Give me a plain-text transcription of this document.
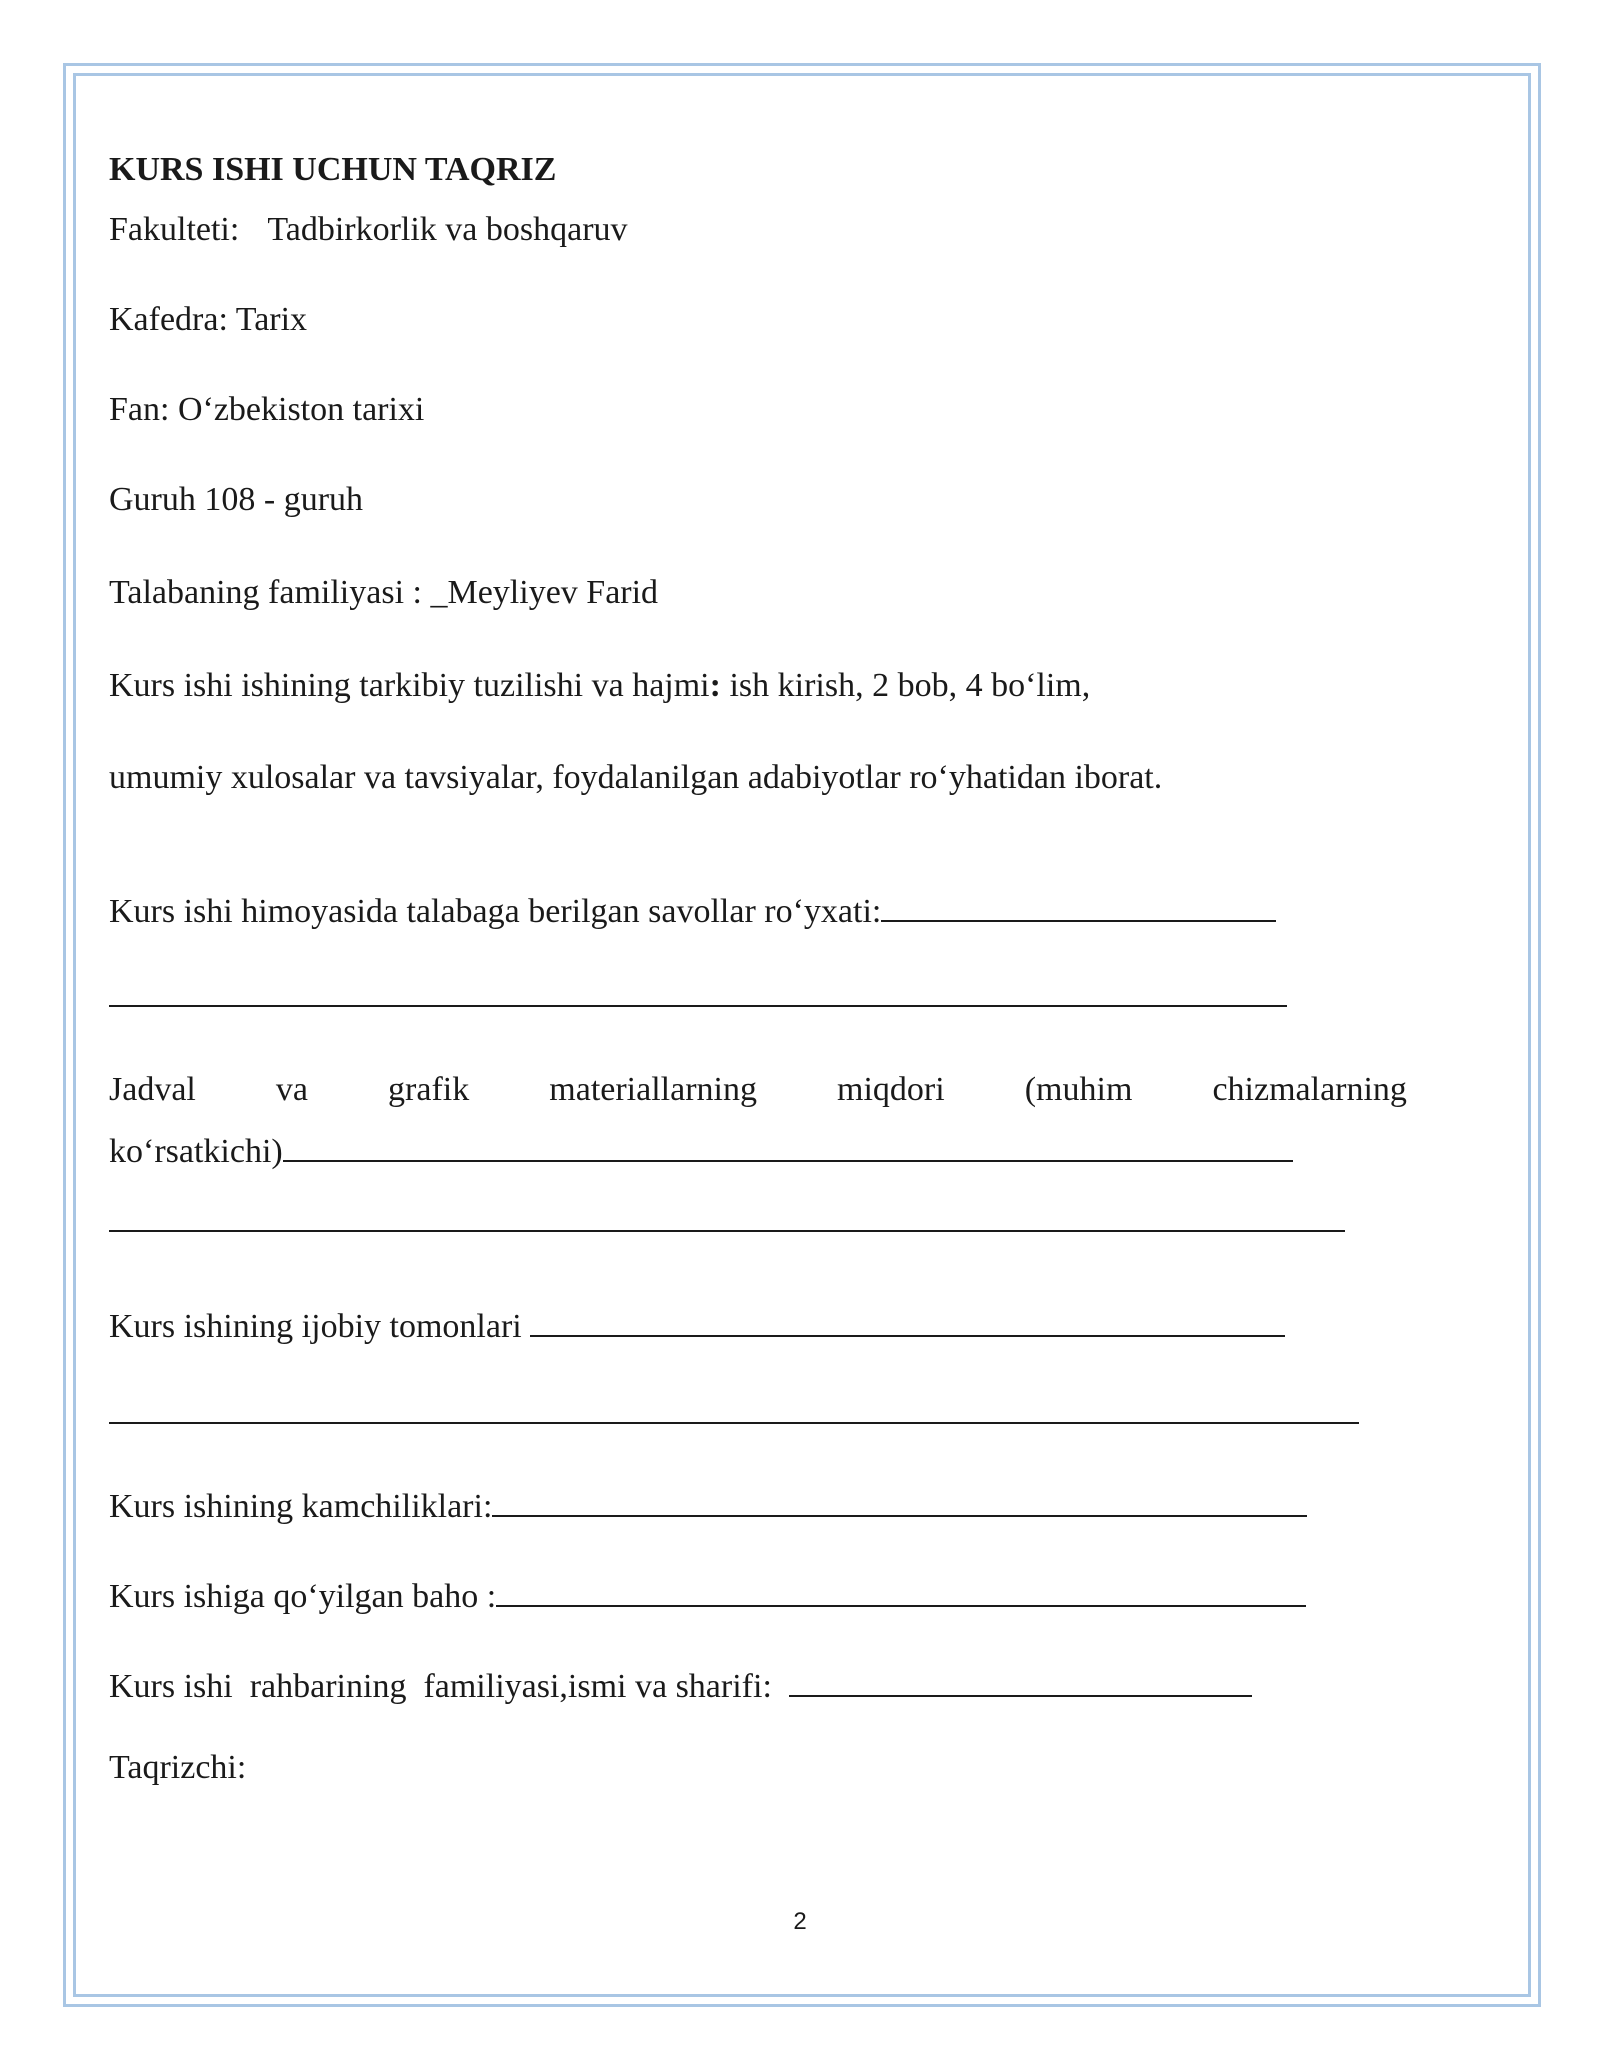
KURS ISHI UCHUN TAQRIZ
Fakulteti: Tadbirkorlik va boshqaruv
Kafedra: Tarix
Fan: O‘zbekiston tarixi
Guruh 108 - guruh
Talabaning familiyasi : _Meyliyev Farid
Kurs ishi ishining tarkibiy tuzilishi va hajmi: ish kirish, 2 bob, 4 bo‘lim,
umumiy xulosalar va tavsiyalar, foydalanilgan adabiyotlar ro‘yhatidan iborat.
Kurs ishi himoyasida talabaga berilgan savollar ro‘yxati:
Jadval va grafik materiallarning miqdori (muhim chizmalarning
ko‘rsatkichi)
Kurs ishining ijobiy tomonlari
Kurs ishining kamchiliklari:
Kurs ishiga qo‘yilgan baho :
Kurs ishi  rahbarining  familiyasi,ismi va sharifi:
Taqrizchi:
2
